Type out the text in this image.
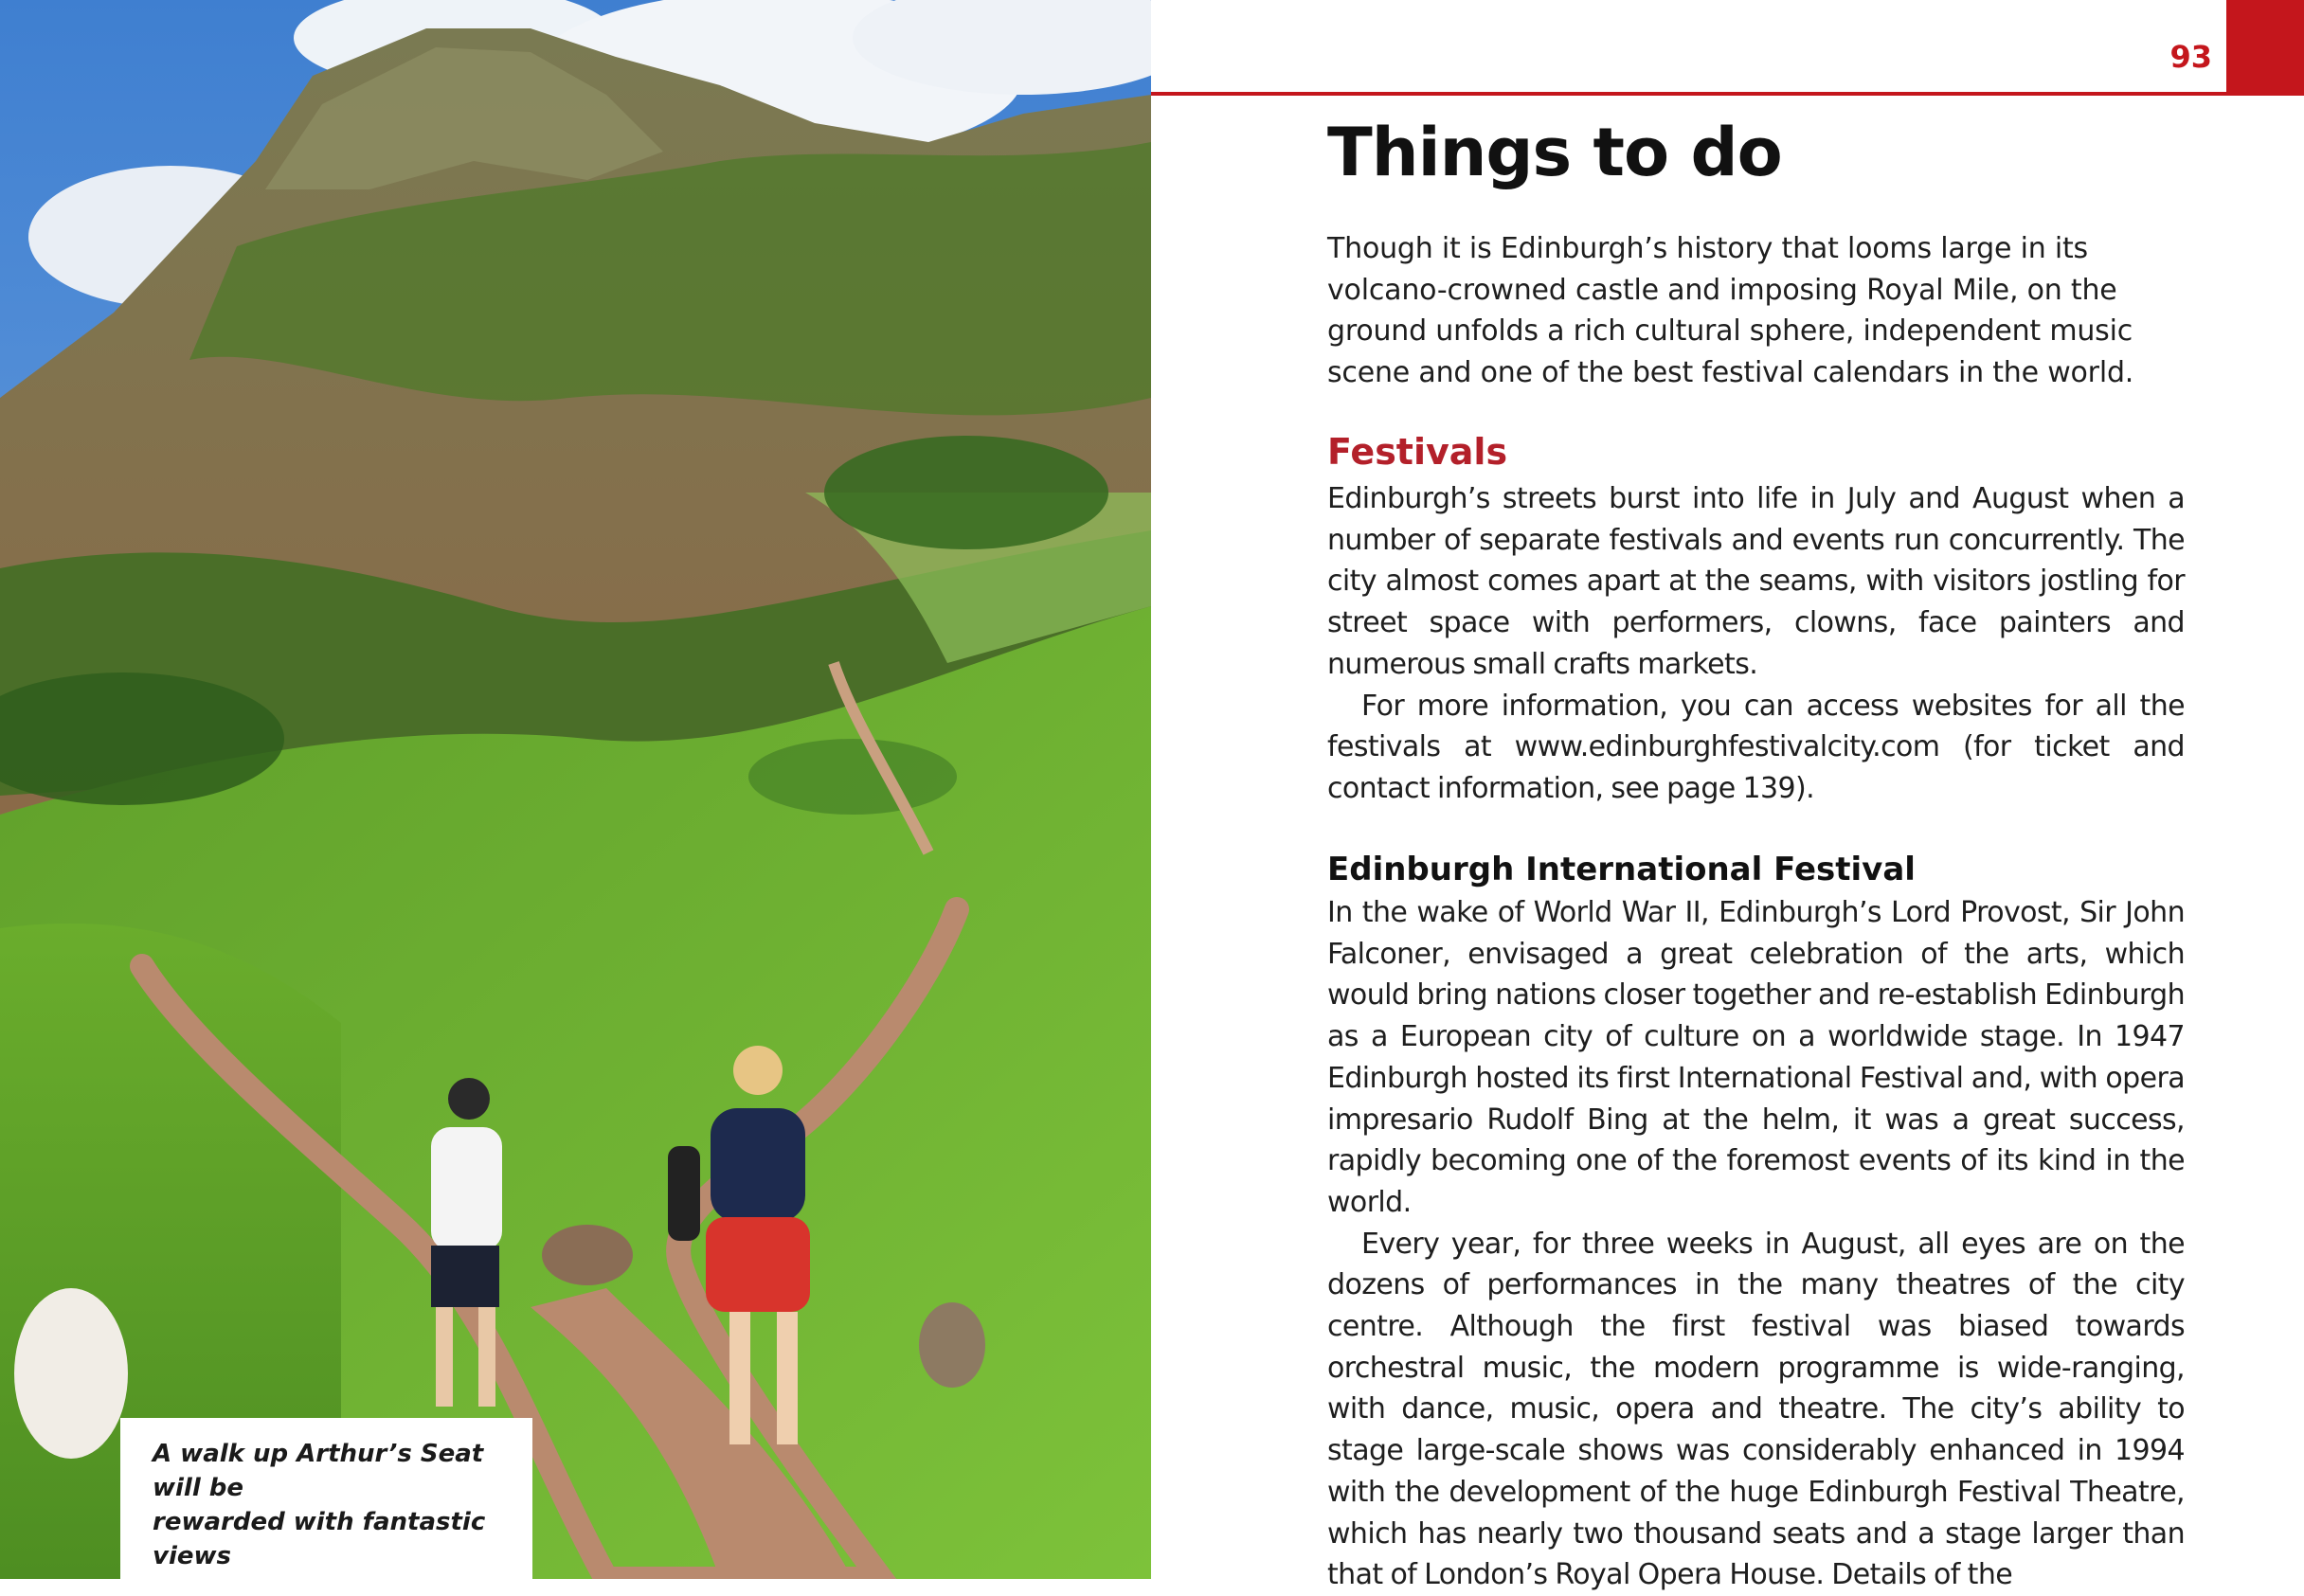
A walk up Arthur’s Seat will be
rewarded with fantastic views
93
Things to do

Though it is Edinburgh’s history that looms large in its volcano-crowned castle and imposing Royal Mile, on the ground unfolds a rich cultural sphere, independent music scene and one of the best festival calendars in the world.

Festivals

Edinburgh’s streets burst into life in July and August when a number of separate festivals and events run concurrently. The city almost comes apart at the seams, with visitors jostling for street space with performers, clowns, face painters and numerous small crafts markets.

For more information, you can access websites for all the festivals at www.edinburghfestivalcity.com (for ticket and contact information, see page 139).

Edinburgh International Festival

In the wake of World War II, Edinburgh’s Lord Provost, Sir John Falconer, envisaged a great celebration of the arts, which would bring nations closer together and re-establish Edinburgh as a European city of culture on a worldwide stage. In 1947 Edinburgh hosted its first International Festival and, with opera impresario Rudolf Bing at the helm, it was a great success, rapidly becoming one of the foremost events of its kind in the world.

Every year, for three weeks in August, all eyes are on the dozens of performances in the many theatres of the city centre. Although the first festival was biased towards orchestral music, the modern programme is wide-ranging, with dance, music, opera and theatre. The city’s ability to stage large-scale shows was considerably enhanced in 1994 with the development of the huge Edinburgh Festival Theatre, which has nearly two thousand seats and a stage larger than that of London’s Royal Opera House. Details of the
